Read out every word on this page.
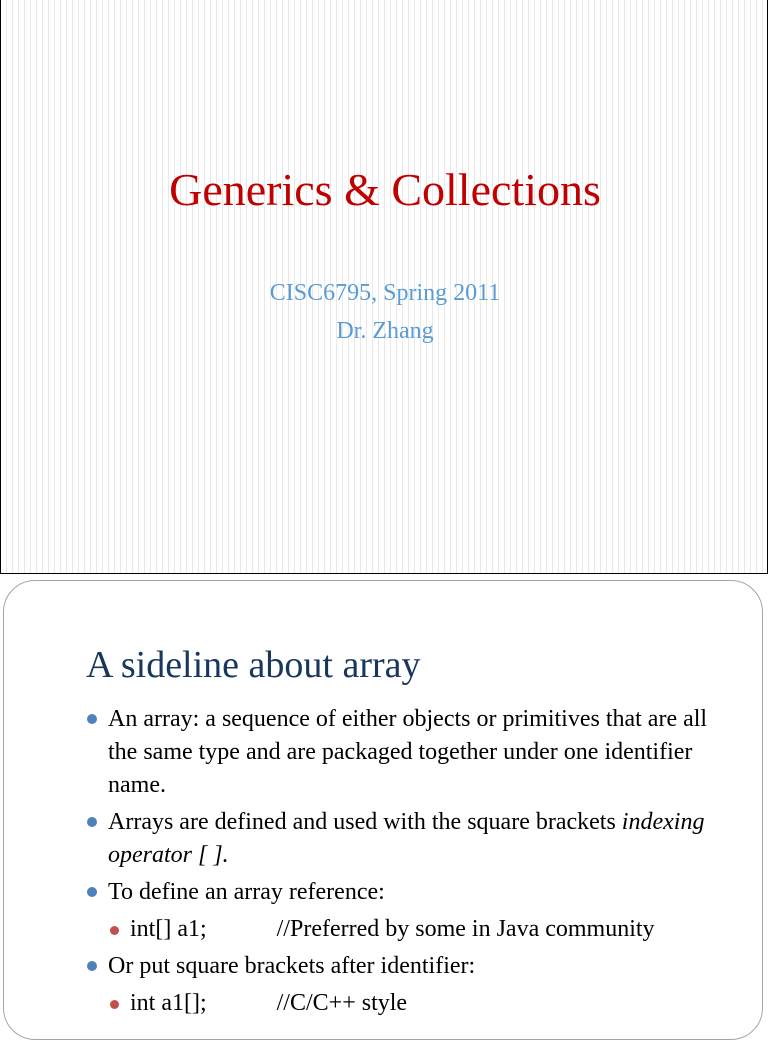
Generics & Collections
CISC6795, Spring 2011
Dr. Zhang
A sideline about array
An array: a sequence of either objects or primitives that are all the same type and are packaged together under one identifier name.
Arrays are defined and used with the square brackets indexing operator [ ].
To define an array reference:
int[] a1;	//Preferred by some in Java community
Or put square brackets after identifier:
int a1[];	//C/C++ style
